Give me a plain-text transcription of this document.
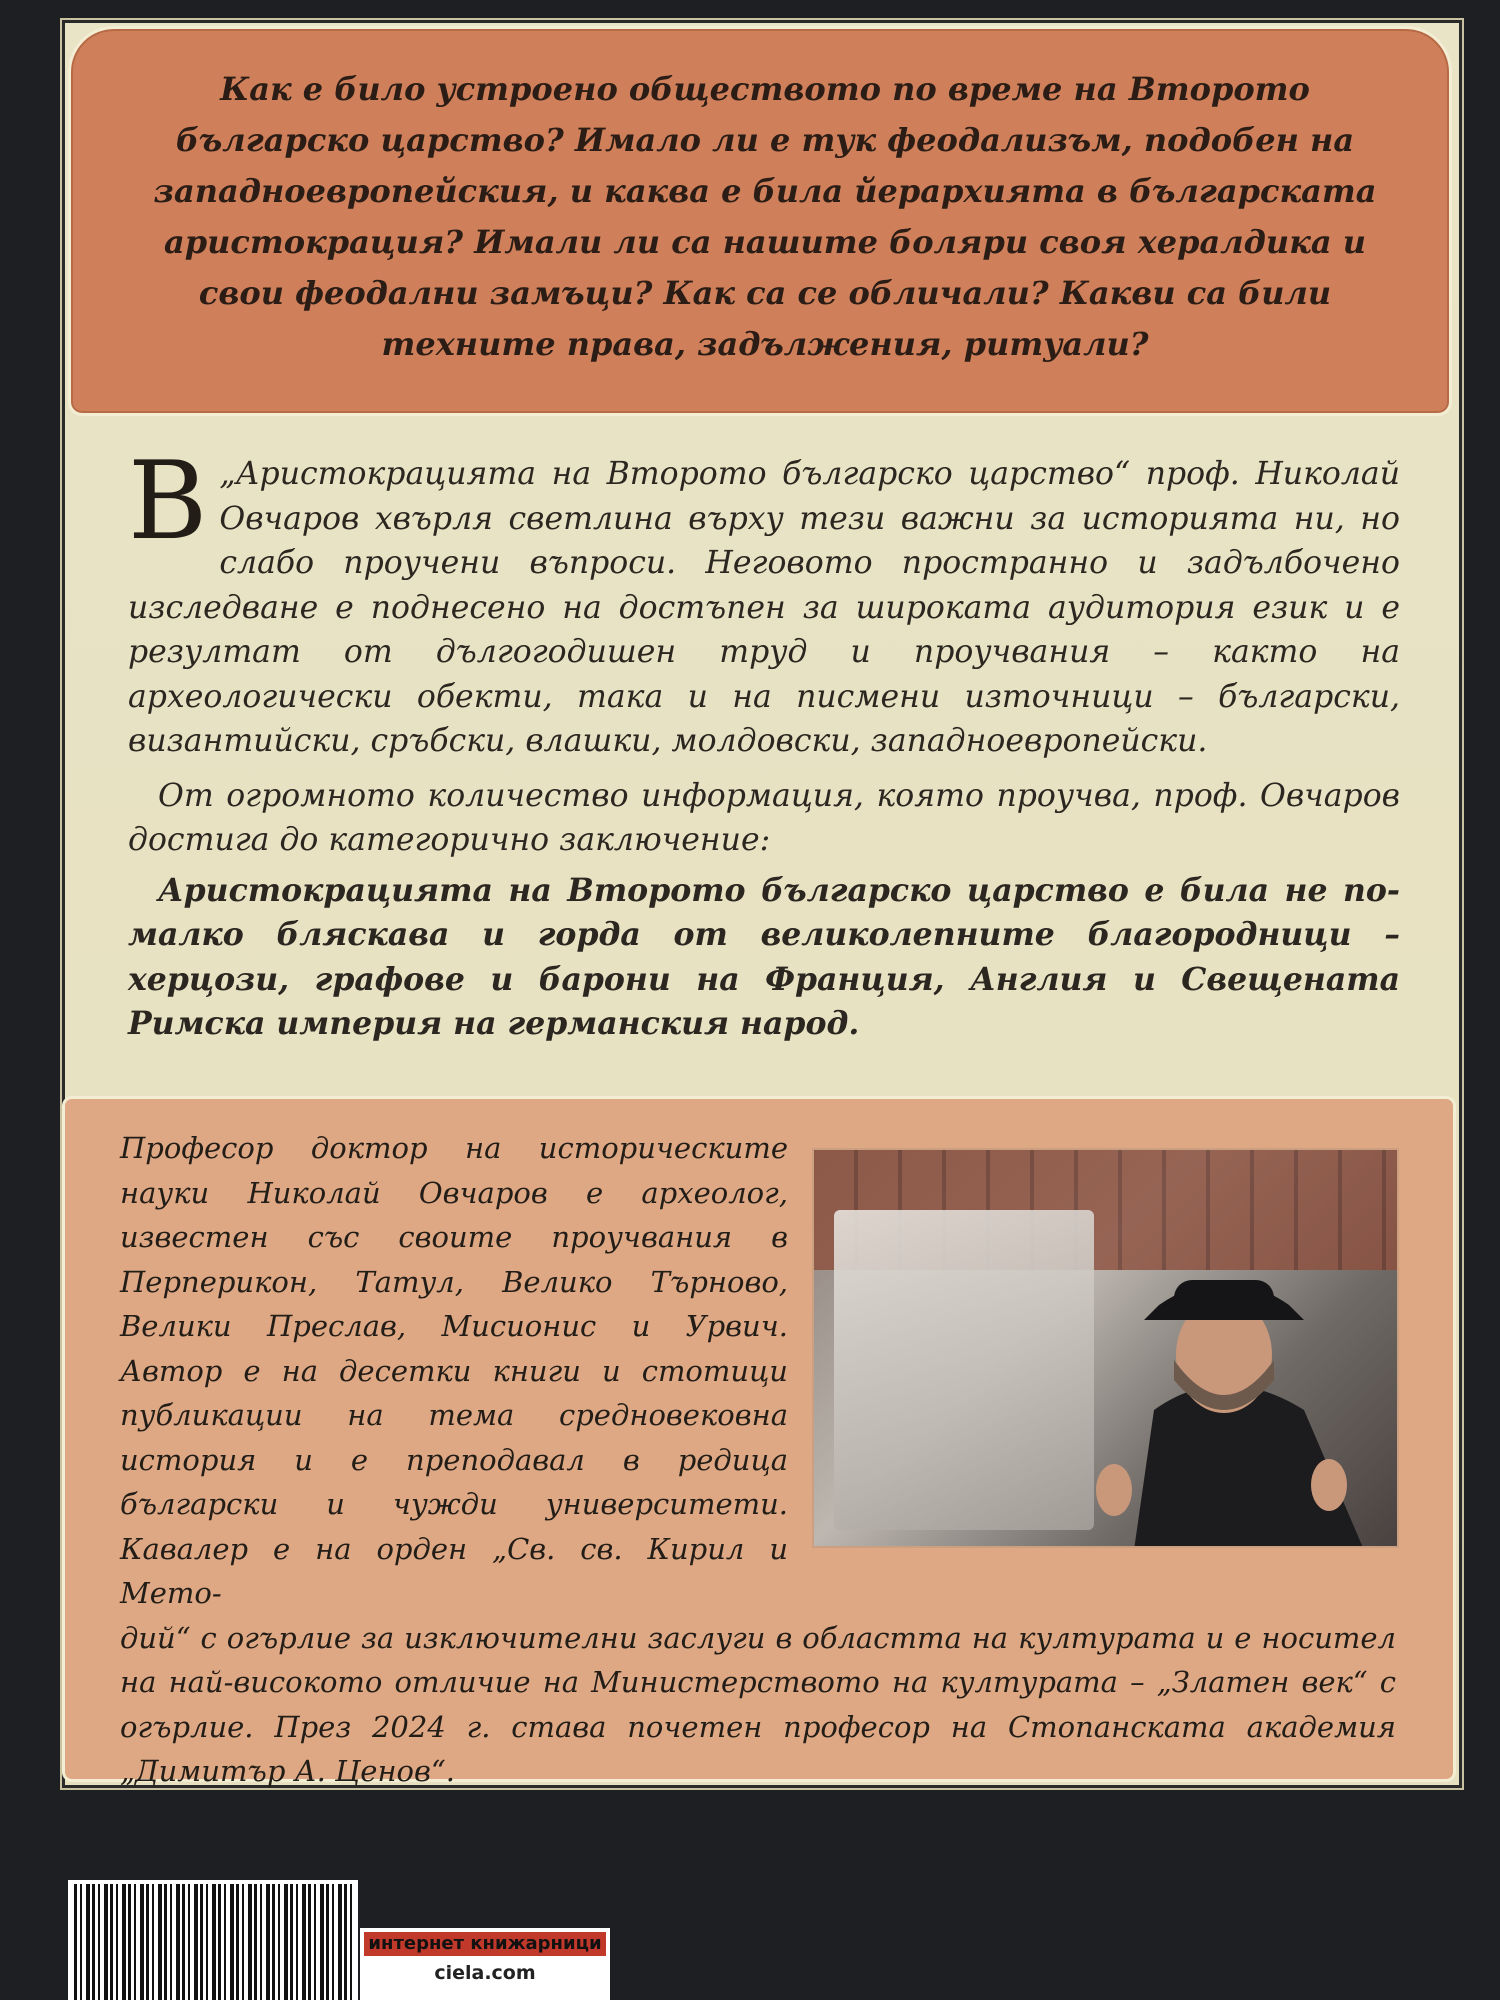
Как е било устроено обществото по време на Второто българско царство? Имало ли е тук феодализъм, подобен на западноевропейския, и каква е била йерархията в българската аристокрация? Имали ли са нашите боляри своя хералдика и свои феодални замъци? Как са се обличали? Какви са били техните права, задължения, ритуали?
В „Аристокрацията на Второто българско царство“ проф. Николай Овчаров хвърля светлина върху тези важни за историята ни, но слабо проучени въпроси. Неговото пространно и задълбочено изследване е поднесено на достъпен за широката аудитория език и е резултат от дългогодишен труд и проучвания – както на археологически обекти, така и на писмени източници – български, византийски, сръбски, влашки, молдовски, западноевропейски.
От огромното количество информация, която проучва, проф. Овчаров достига до категорично заключение:
Аристокрацията на Второто българско царство е била не по-малко бляскава и горда от великолепните благородници – херцози, графове и барони на Франция, Англия и Свещената Римска империя на германския народ.
Професор доктор на историческите науки Николай Овчаров е археолог, известен със своите проучвания в Перперикон, Татул, Велико Търново, Велики Преслав, Мисионис и Урвич. Автор е на десетки книги и стотици публикации на тема средновековна история и е преподавал в редица български и чужди университети. Кавалер е на орден „Св. св. Кирил и Мето-
дий“ с огърлие за изключителни заслуги в областта на културата и е носител на най-високото отличие на Министерството на културата – „Златен век“ с огърлие. През 2024 г. става почетен професор на Стопанската академия „Димитър А. Ценов“.
интернет книжарници
ciela.com
